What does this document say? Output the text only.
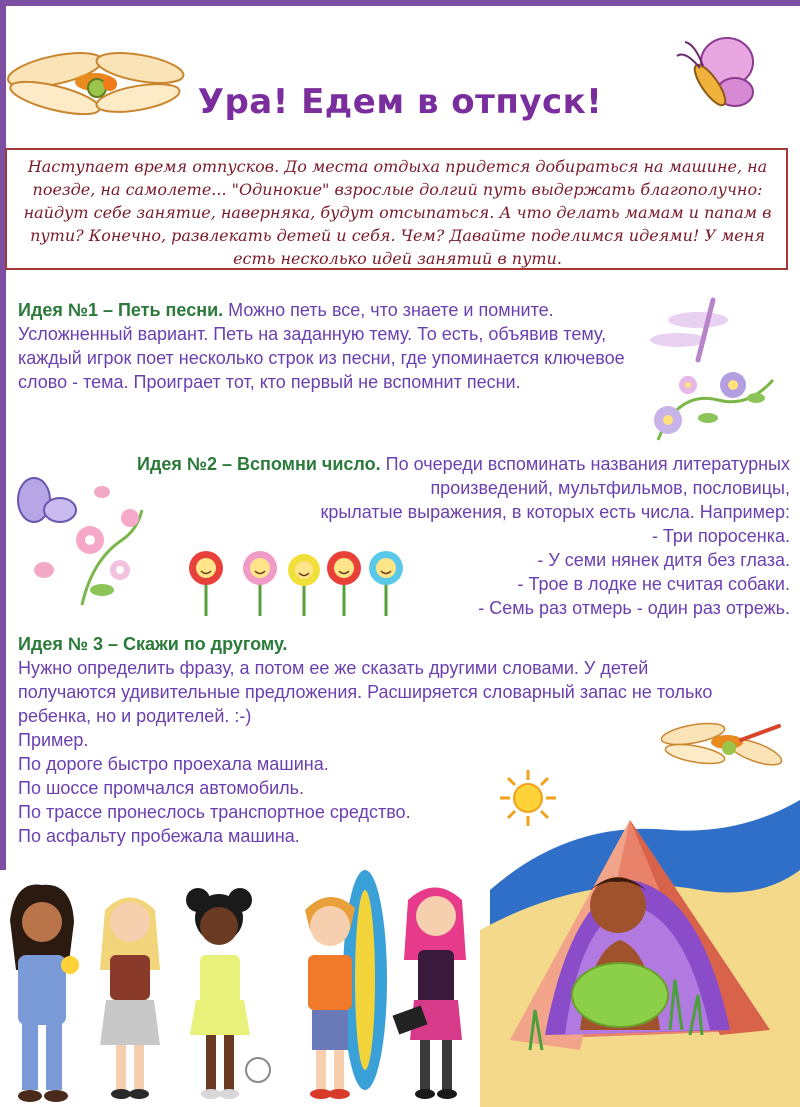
Ура! Едем в отпуск!

Наступает время отпусков. До места отдыха придется добираться на машине, на поезде, на самолете... "Одинокие" взрослые долгий путь выдержать благополучно: найдут себе занятие, наверняка, будут отсыпаться. А что делать мамам и папам в пути? Конечно, развлекать детей и себя. Чем? Давайте поделимся идеями! У меня есть несколько идей занятий в пути.

Идея №1 – Петь песни. Можно петь все, что знаете и помните. Усложненный вариант. Петь на заданную тему. То есть, объявив тему, каждый игрок поет несколько строк из песни, где упоминается ключевое слово - тема. Проиграет тот, кто первый не вспомнит песни.

Идея №2 – Вспомни число. По очереди вспоминать названия литературных
произведений, мультфильмов, пословицы,
крылатые выражения, в которых есть числа. Например:
- Три поросенка.
- У семи нянек дитя без глаза.
- Трое в лодке не считая собаки.
- Семь раз отмерь - один раз отрежь.

Идея № 3 – Скажи по другому.

Нужно определить фразу, а потом ее же сказать другими словами. У детей получаются удивительные предложения. Расширяется словарный запас не только ребенка, но и родителей. :-)

Пример.

По дороге быстро проехала машина.

По шоссе промчался автомобиль.

По трассе пронеслось транспортное средство.

По асфальту пробежала машина.
